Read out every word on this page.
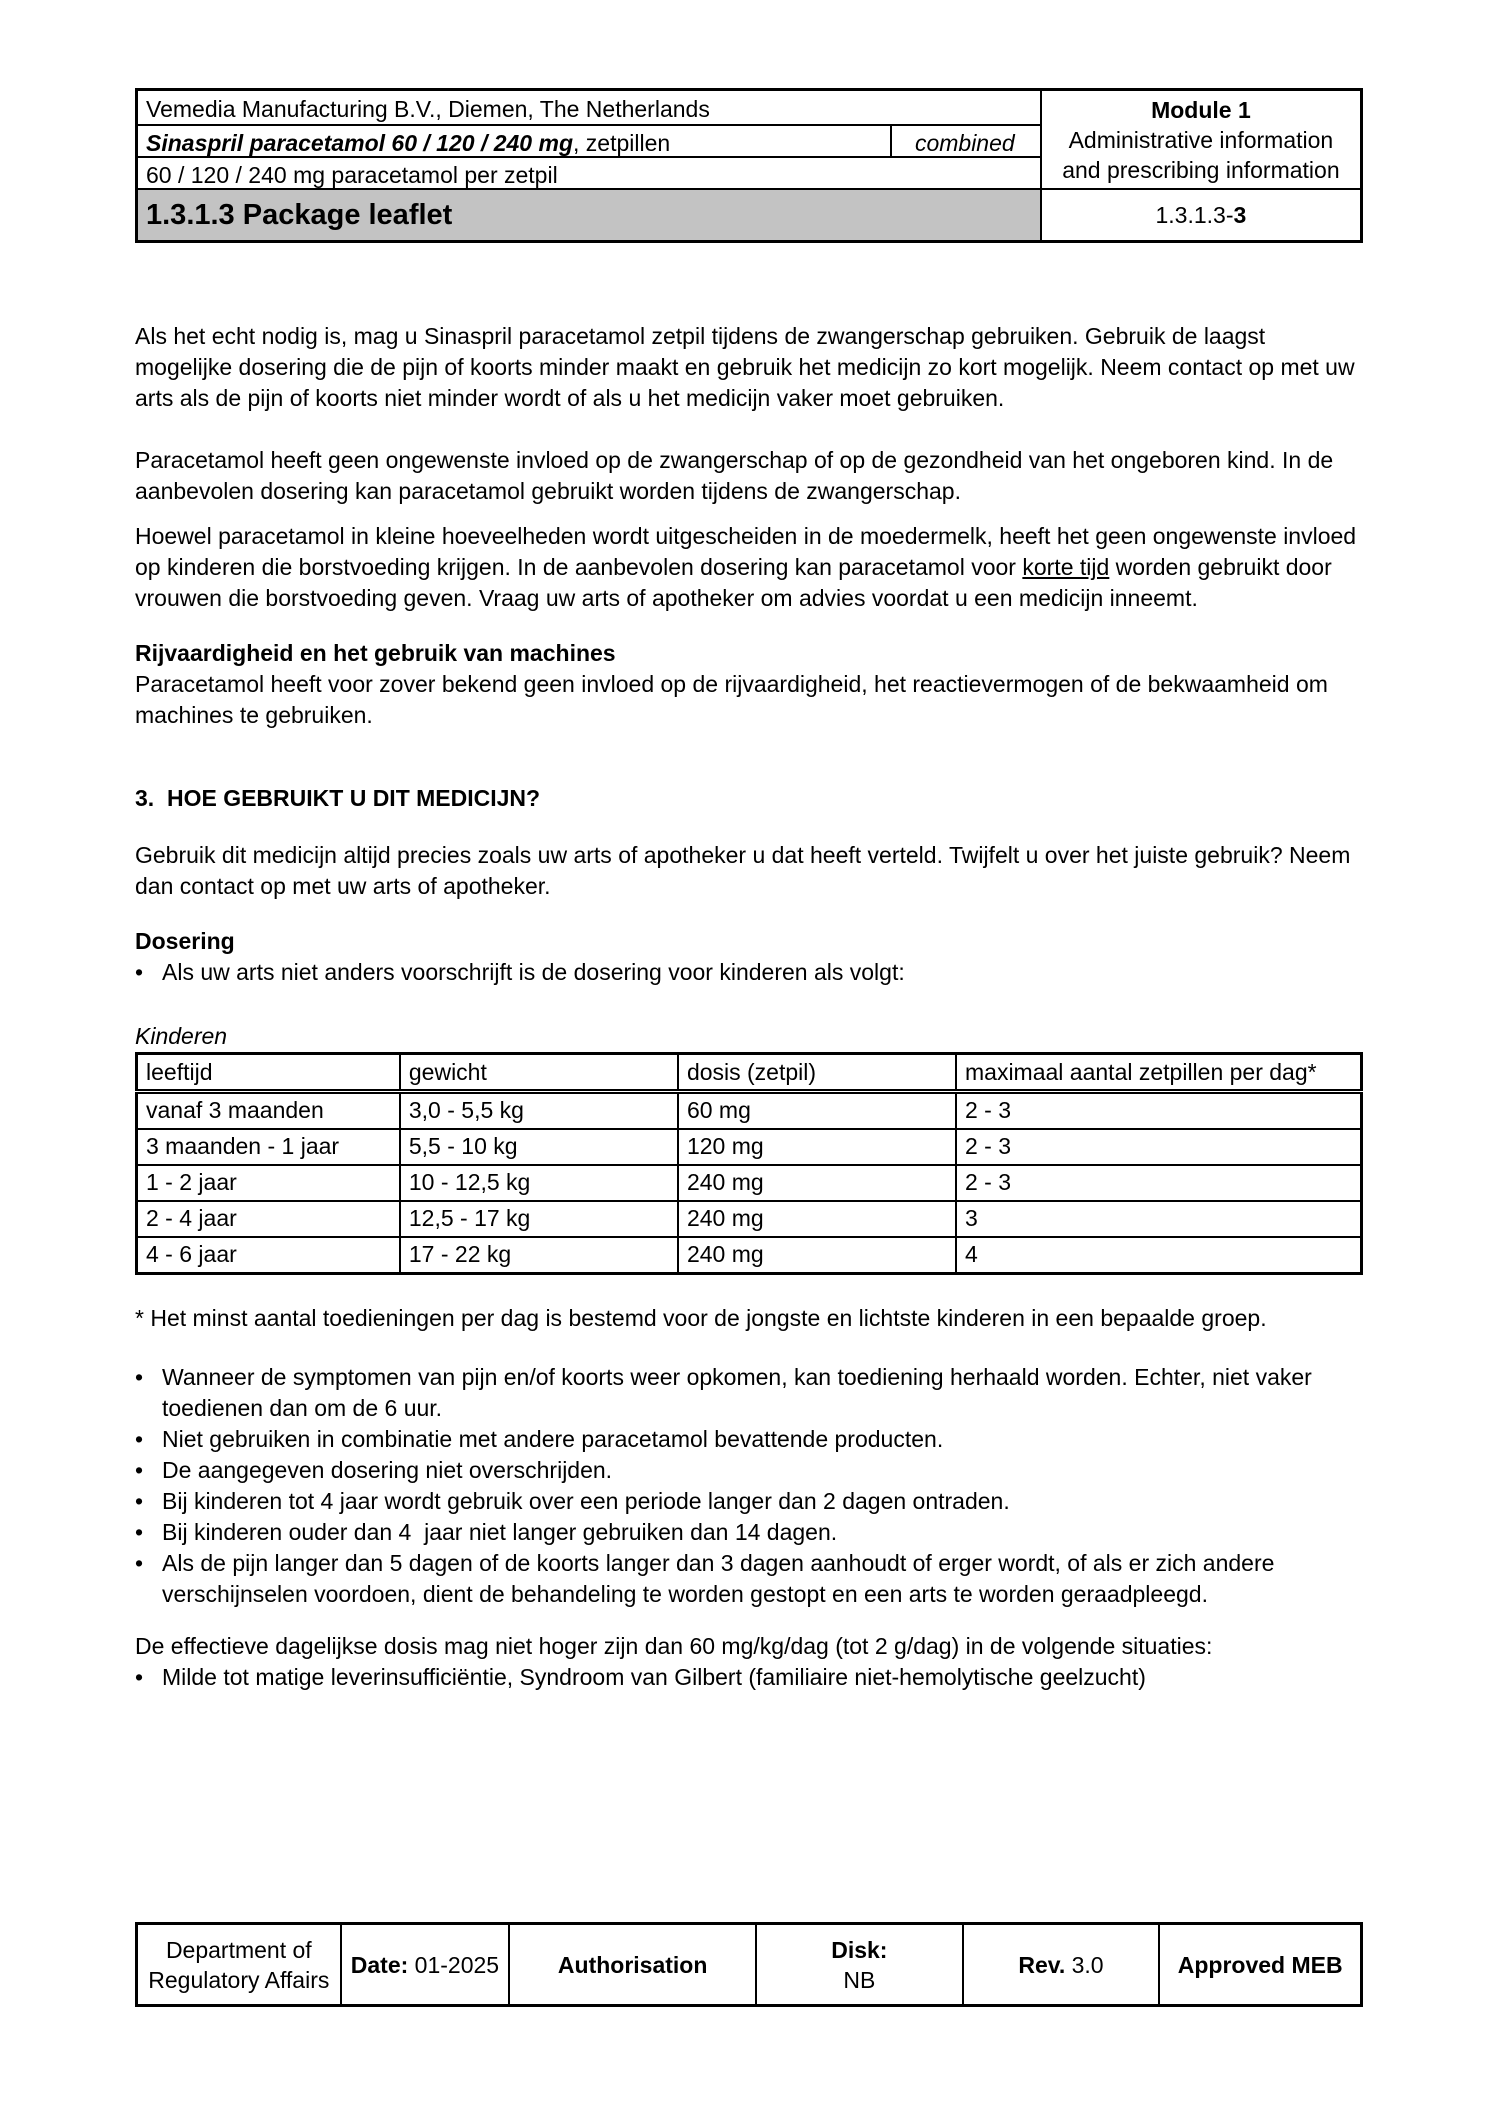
Vemedia Manufacturing B.V., Diemen, The Netherlands
Sinaspril paracetamol 60 / 120 / 240 mg, zetpillen	combined
60 / 120 / 240 mg paracetamol per zetpil
1.3.1.3 Package leaflet
Module 1
Administrative information
and prescribing information
1.3.1.3- 3

Als het echt nodig is, mag u Sinaspril paracetamol zetpil tijdens de zwangerschap gebruiken. Gebruik de laagst mogelijke dosering die de pijn of koorts minder maakt en gebruik het medicijn zo kort mogelijk. Neem contact op met uw arts als de pijn of koorts niet minder wordt of als u het medicijn vaker moet gebruiken.

Paracetamol heeft geen ongewenste invloed op de zwangerschap of op de gezondheid van het ongeboren kind. In de aanbevolen dosering kan paracetamol gebruikt worden tijdens de zwangerschap.

Hoewel paracetamol in kleine hoeveelheden wordt uitgescheiden in de moedermelk, heeft het geen ongewenste invloed op kinderen die borstvoeding krijgen. In de aanbevolen dosering kan paracetamol voor korte tijd worden gebruikt door vrouwen die borstvoeding geven. Vraag uw arts of apotheker om advies voordat u een medicijn inneemt.

Rijvaardigheid en het gebruik van machines

Paracetamol heeft voor zover bekend geen invloed op de rijvaardigheid, het reactievermogen of de bekwaamheid om machines te gebruiken.

3.  HOE GEBRUIKT U DIT MEDICIJN?

Gebruik dit medicijn altijd precies zoals uw arts of apotheker u dat heeft verteld. Twijfelt u over het juiste gebruik? Neem dan contact op met uw arts of apotheker.

Dosering

• Als uw arts niet anders voorschrijft is de dosering voor kinderen als volgt:

Kinderen

leeftijd	gewicht	dosis (zetpil)	maximaal aantal zetpillen per dag*
vanaf 3 maanden	3,0 - 5,5 kg	60 mg	2 - 3
3 maanden - 1 jaar	5,5 - 10 kg	120 mg	2 - 3
1 - 2 jaar	10 - 12,5 kg	240 mg	2 - 3
2 - 4 jaar	12,5 - 17 kg	240 mg	3
4 - 6 jaar	17 - 22 kg	240 mg	4

* Het minst aantal toedieningen per dag is bestemd voor de jongste en lichtste kinderen in een bepaalde groep.

• Wanneer de symptomen van pijn en/of koorts weer opkomen, kan toediening herhaald worden. Echter, niet vaker toedienen dan om de 6 uur.
• Niet gebruiken in combinatie met andere paracetamol bevattende producten.
• De aangegeven dosering niet overschrijden.
• Bij kinderen tot 4 jaar wordt gebruik over een periode langer dan 2 dagen ontraden.
• Bij kinderen ouder dan 4  jaar niet langer gebruiken dan 14 dagen.
• Als de pijn langer dan 5 dagen of de koorts langer dan 3 dagen aanhoudt of erger wordt, of als er zich andere verschijnselen voordoen, dient de behandeling te worden gestopt en een arts te worden geraadpleegd.

De effectieve dagelijkse dosis mag niet hoger zijn dan 60 mg/kg/dag (tot 2 g/dag) in de volgende situaties:

• Milde tot matige leverinsufficiëntie, Syndroom van Gilbert (familiaire niet-hemolytische geelzucht)
Department of
Regulatory Affairs
Date: 01-2025	Authorisation
Disk:
NB
Rev. 3.0	Approved MEB
